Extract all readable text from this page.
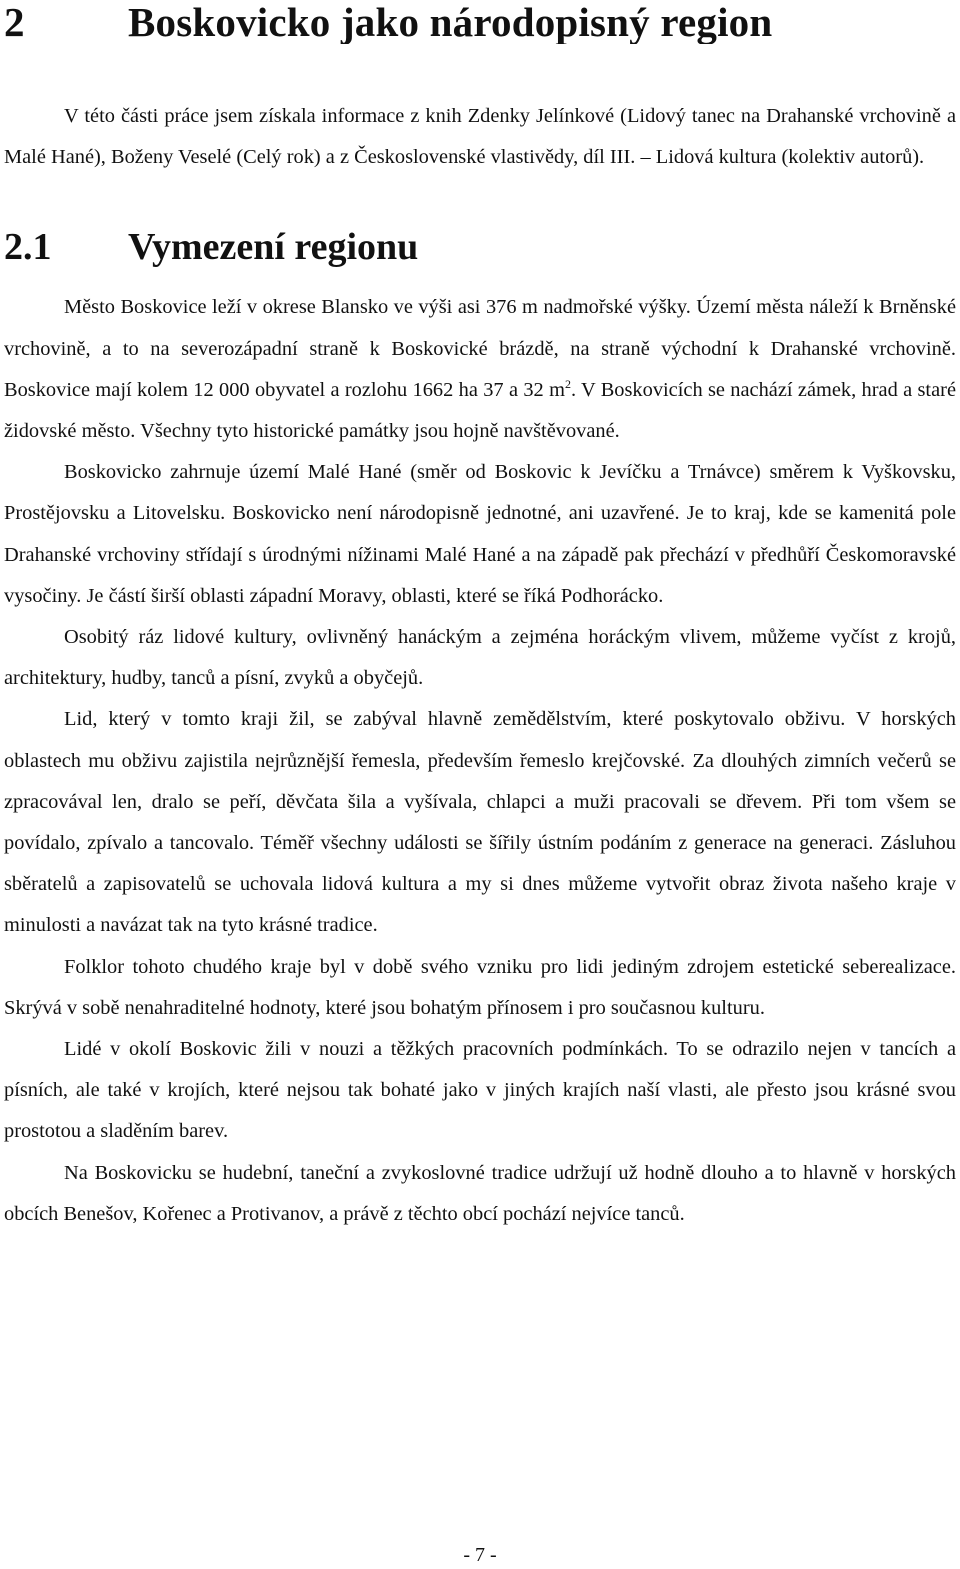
2	Boskovicko jako národopisný region

V této části práce jsem získala informace z knih Zdenky Jelínkové (Lidový tanec na Drahanské vrchovině a Malé Hané), Boženy Veselé (Celý rok) a z Československé vlastivědy, díl III. – Lidová kultura (kolektiv autorů).

2.1 Vymezení regionu

Město Boskovice leží v okrese Blansko ve výši asi 376 m nadmořské výšky. Území města náleží k Brněnské vrchovině, a to na severozápadní straně k Boskovické brázdě, na straně východní k Drahanské vrchovině. Boskovice mají kolem 12 000 obyvatel a rozlohu 1662 ha 37 a 32 $m^2$. V Boskovicích se nachází zámek, hrad a staré židovské město. Všechny tyto historické památky jsou hojně navštěvované.

Boskovicko zahrnuje území Malé Hané (směr od Boskovic k Jevíčku a Trnávce) směrem k Vyškovsku, Prostějovsku a Litovelsku. Boskovicko není národopisně jednotné, ani uzavřené. Je to kraj, kde se kamenitá pole Drahanské vrchoviny střídají s úrodnými nížinami Malé Hané a na západě pak přechází v předhůří Českomoravské vysočiny. Je částí širší oblasti západní Moravy, oblasti, které se říká Podhorácko.

Osobitý ráz lidové kultury, ovlivněný hanáckým a zejména horáckým vlivem, můžeme vyčíst z krojů, architektury, hudby, tanců a písní, zvyků a obyčejů.

Lid, který v tomto kraji žil, se zabýval hlavně zemědělstvím, které poskytovalo obživu. V horských oblastech mu obživu zajistila nejrůznější řemesla, především řemeslo krejčovské. Za dlouhých zimních večerů se zpracovával len, dralo se peří, děvčata šila a vyšívala, chlapci a muži pracovali se dřevem. Při tom všem se povídalo, zpívalo a tancovalo. Téměř všechny události se šířily ústním podáním z generace na generaci. Zásluhou sběratelů a zapisovatelů se uchovala lidová kultura a my si dnes můžeme vytvořit obraz života našeho kraje v minulosti a navázat tak na tyto krásné tradice.

Folklor tohoto chudého kraje byl v době svého vzniku pro lidi jediným zdrojem estetické seberealizace. Skrývá v sobě nenahraditelné hodnoty, které jsou bohatým přínosem i pro současnou kulturu.

Lidé v okolí Boskovic žili v nouzi a těžkých pracovních podmínkách. To se odrazilo nejen v tancích a písních, ale také v krojích, které nejsou tak bohaté jako v jiných krajích naší vlasti, ale přesto jsou krásné svou prostotou a sladěním barev.

Na Boskovicku se hudební, taneční a zvykoslovné tradice udržují už hodně dlouho a to hlavně v horských obcích Benešov, Kořenec a Protivanov, a právě z těchto obcí pochází nejvíce tanců.

- 7 -
